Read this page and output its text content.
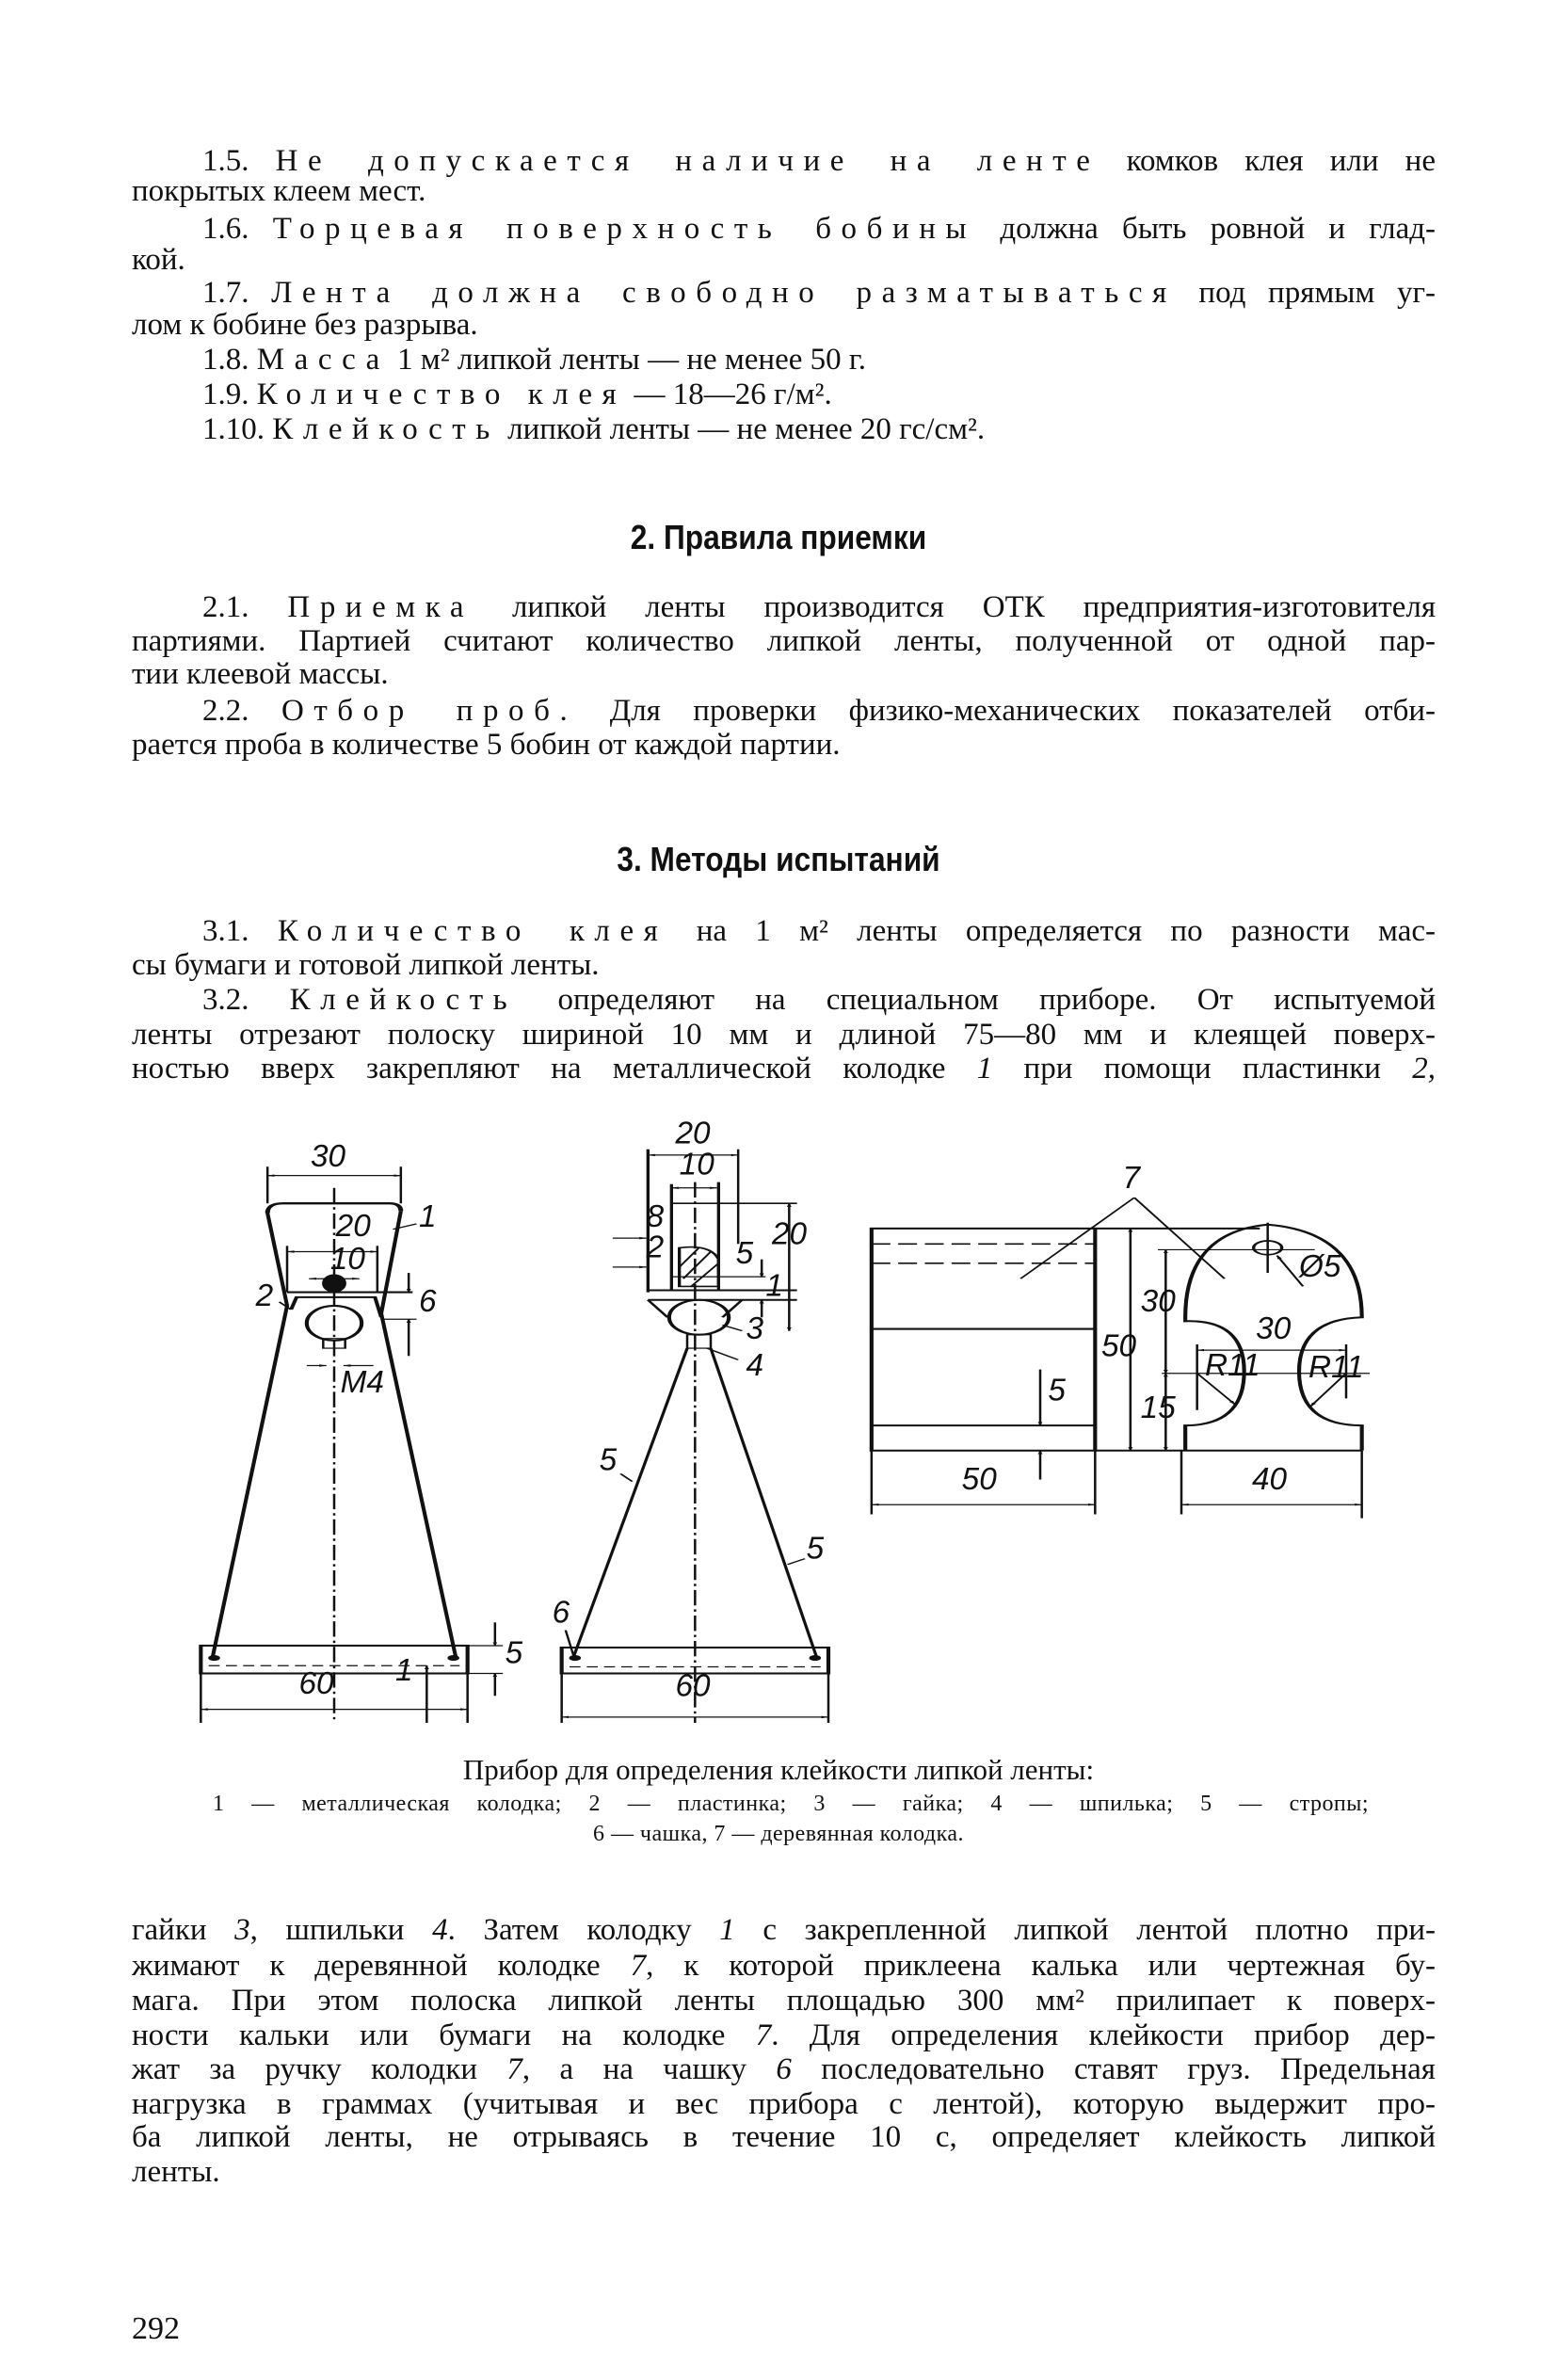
1.5. Не допускается наличие на ленте комков клея или не
покрытых клеем мест.
1.6. Торцевая поверхность бобины должна быть ровной и глад-
кой.
1.7. Лента должна свободно разматываться под прямым уг-
лом к бобине без разрыва.
1.8. Масса 1 м² липкой ленты — не менее 50 г.
1.9. Количество клея — 18—26 г/м².
1.10. Клейкость липкой ленты — не менее 20 гс/см².
2.1. Приемка липкой ленты производится ОТК предприятия-изготовителя
партиями. Партией считают количество липкой ленты, полученной от одной пар-
тии клеевой массы.
2.2. Отбор проб. Для проверки физико-механических показателей отби-
рается проба в количестве 5 бобин от каждой партии.
3.1. Количество клея на 1 м² ленты определяется по разности мас-
сы бумаги и готовой липкой ленты.
3.2. Клейкость определяют на специальном приборе. От испытуемой
ленты отрезают полоску шириной 10 мм и длиной 75—80 мм и клеящей поверх-
ностью вверх закрепляют на металлической колодке 1 при помощи пластинки 2,
гайки 3, шпильки 4. Затем колодку 1 с закрепленной липкой лентой плотно при-
жимают к деревянной колодке 7, к которой приклеена калька или чертежная бу-
мага. При этом полоска липкой ленты площадью 300 мм² прилипает к поверх-
ности кальки или бумаги на колодке 7. Для определения клейкости прибор дер-
жат за ручку колодки 7, а на чашку 6 последовательно ставят груз. Предельная
нагрузка в граммах (учитывая и вес прибора с лентой), которую выдержит про-
ба липкой ленты, не отрываясь в течение 10 с, определяет клейкость липкой
ленты.
2. Правила приемки
3. Методы испытаний
30
20
10
1
2	6
М4
60
5
1
20
10
8
2 5
20
1
3
4
5
5
6
60
7
50
30
15
30
R11 R11
Ø5
5
50	40
Прибор для определения клейкости липкой ленты:
1 — металлическая колодка; 2 — пластинка; 3 — гайка; 4 — шпилька; 5 — стропы;
6 — чашка, 7 — деревянная колодка.
292
